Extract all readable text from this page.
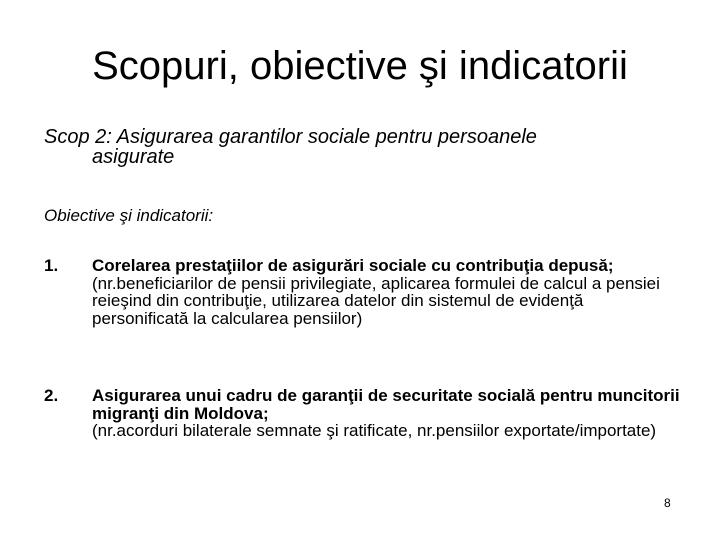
Scopuri, obiective şi indicatorii
Scop 2: Asigurarea garantilor sociale pentru persoanele
asigurate
Obiective şi indicatorii:
1. Corelarea prestaţiilor de asigurări sociale cu contribuţia depusă;
(nr.beneficiarilor de pensii privilegiate, aplicarea formulei de calcul a pensiei reieşind din contribuţie, utilizarea datelor din sistemul de evidenţă personificată la calcularea pensiilor)
2. Asigurarea unui cadru de garanţii de securitate socială pentru muncitorii migranţi din Moldova;
(nr.acorduri bilaterale semnate şi ratificate, nr.pensiilor exportate/importate)
8
